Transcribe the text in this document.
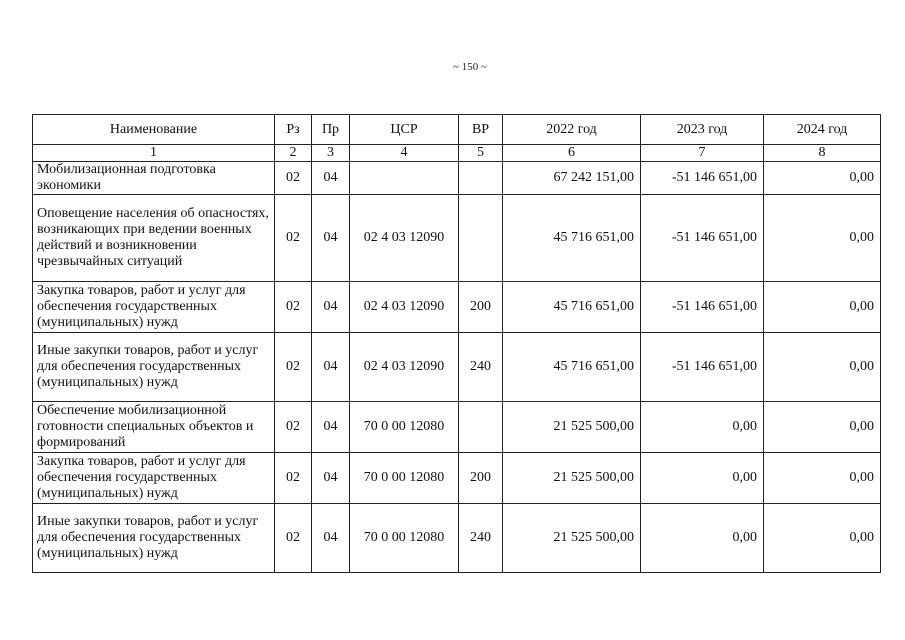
~ 150 ~
Наименование	Рз	Пр	ЦСР	ВР	2022 год	2023 год	2024 год
1	2	3	4	5	6	7	8
Мобилизационная подготовка экономики	02	04			67 242 151,00	-51 146 651,00	0,00
Оповещение населения об опасностях, возникающих при ведении военных действий и возникновении чрезвычайных ситуаций	02	04	02 4 03 12090		45 716 651,00	-51 146 651,00	0,00
Закупка товаров, работ и услуг для обеспечения государственных (муниципальных) нужд	02	04	02 4 03 12090	200	45 716 651,00	-51 146 651,00	0,00
Иные закупки товаров, работ и услуг для обеспечения государственных (муниципальных) нужд	02	04	02 4 03 12090	240	45 716 651,00	-51 146 651,00	0,00
Обеспечение мобилизационной готовности специальных объектов и формирований	02	04	70 0 00 12080		21 525 500,00	0,00	0,00
Закупка товаров, работ и услуг для обеспечения государственных (муниципальных) нужд	02	04	70 0 00 12080	200	21 525 500,00	0,00	0,00
Иные закупки товаров, работ и услуг для обеспечения государственных (муниципальных) нужд	02	04	70 0 00 12080	240	21 525 500,00	0,00	0,00
